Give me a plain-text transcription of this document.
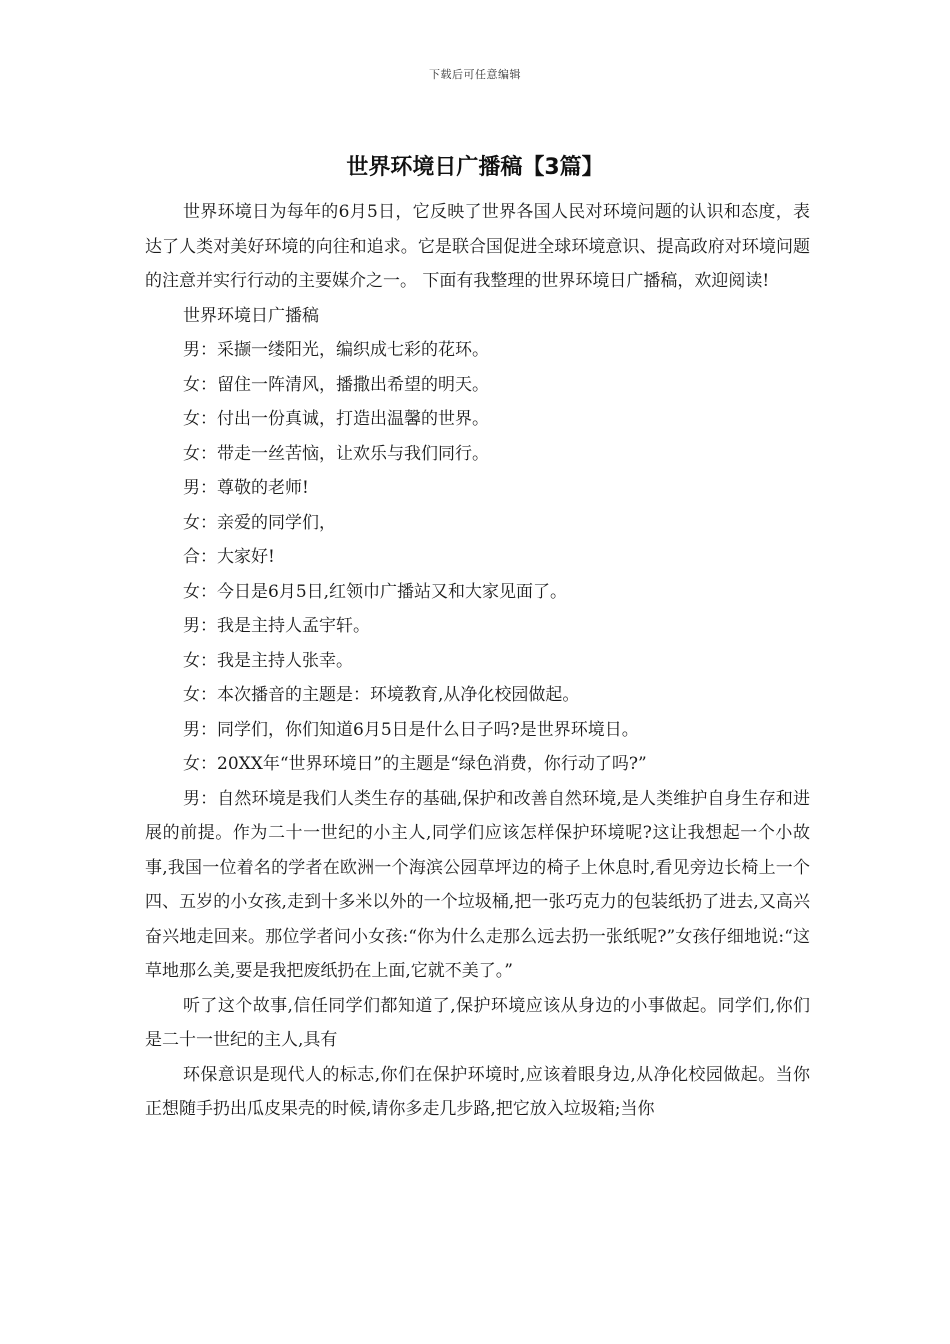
下载后可任意编辑
世界环境日广播稿【3篇】

世界环境日为每年的6月5日，它反映了世界各国人民对环境问题的认识和态度，表达了人类对美好环境的向往和追求。它是联合国促进全球环境意识、提高政府对环境问题的注意并实行行动的主要媒介之一。 下面有我整理的世界环境日广播稿，欢迎阅读!

世界环境日广播稿

男：采撷一缕阳光，编织成七彩的花环。

女：留住一阵清风，播撒出希望的明天。

女：付出一份真诚，打造出温馨的世界。

女：带走一丝苦恼，让欢乐与我们同行。

男：尊敬的老师!

女：亲爱的同学们，

合：大家好!

女：今日是6月5日,红领巾广播站又和大家见面了。

男：我是主持人孟宇轩。

女：我是主持人张幸。

女：本次播音的主题是：环境教育,从净化校园做起。

男：同学们，你们知道6月5日是什么日子吗?是世界环境日。

女：20XX年“世界环境日”的主题是“绿色消费，你行动了吗?”

男：自然环境是我们人类生存的基础,保护和改善自然环境,是人类维护自身生存和进展的前提。作为二十一世纪的小主人,同学们应该怎样保护环境呢?这让我想起一个小故事,我国一位着名的学者在欧洲一个海滨公园草坪边的椅子上休息时,看见旁边长椅上一个四、五岁的小女孩,走到十多米以外的一个垃圾桶,把一张巧克力的包装纸扔了进去,又高兴奋兴地走回来。那位学者问小女孩:“你为什么走那么远去扔一张纸呢?”女孩仔细地说:“这草地那么美,要是我把废纸扔在上面,它就不美了。”

听了这个故事,信任同学们都知道了,保护环境应该从身边的小事做起。同学们,你们是二十一世纪的主人,具有

环保意识是现代人的标志,你们在保护环境时,应该着眼身边,从净化校园做起。当你正想随手扔出瓜皮果壳的时候,请你多走几步路,把它放入垃圾箱;当你
